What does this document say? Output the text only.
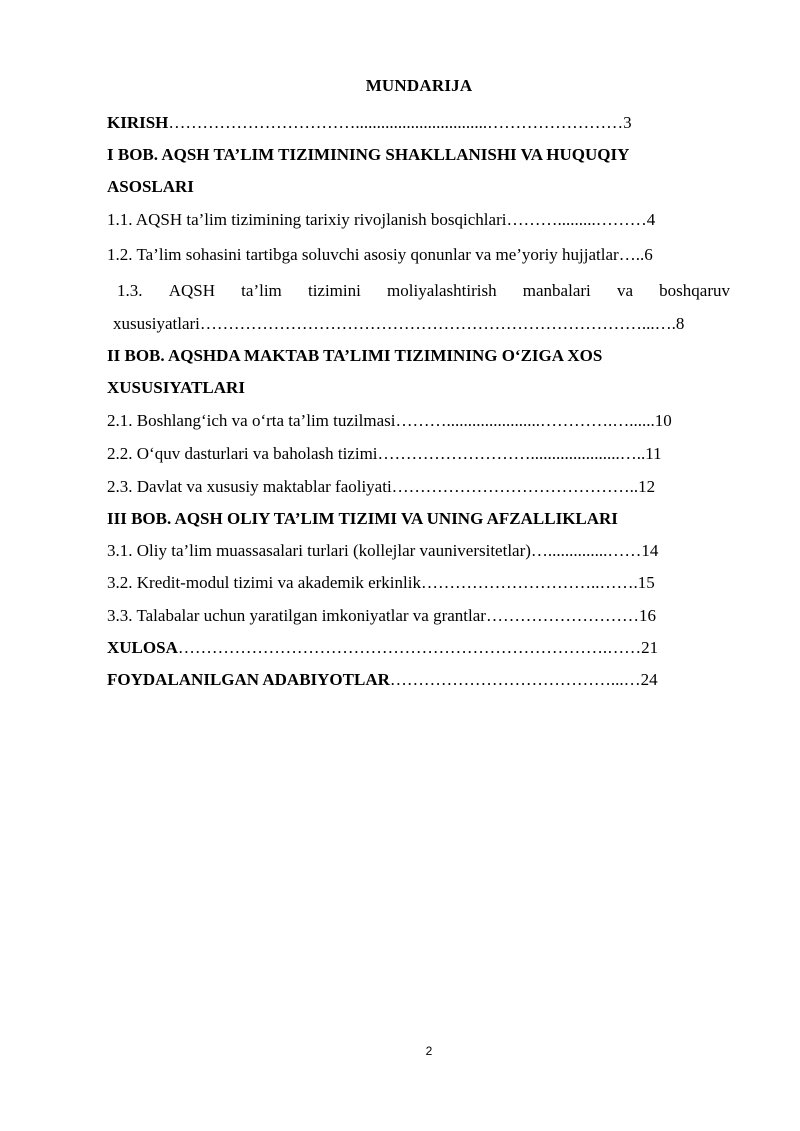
MUNDARIJA
KIRISH……………………………...............................……………………3
I BOB. AQSH TA’LIM TIZIMINING SHAKLLANISHI VA HUQUQIY
ASOSLARI
1.1. AQSH ta’lim tizimining tarixiy rivojlanish bosqichlari……….........………4
1.2. Ta’lim sohasini tartibga soluvchi asosiy qonunlar va me’yoriy hujjatlar…..6
1.3. AQSH ta’lim tizimini moliyalashtirish manbalari va boshqaruv
xususiyatlari……………………………………………………………………...….8
II BOB. AQSHDA MAKTAB TA’LIMI TIZIMINING O‘ZIGA XOS
XUSUSIYATLARI
2.1. Boshlang‘ich va o‘rta ta’lim tuzilmasi………......................………….…......10
2.2. O‘quv dasturlari va baholash tizimi……………………….....................…..11
2.3. Davlat va xususiy maktablar faoliyati……………………………………..12
III BOB. AQSH OLIY TA’LIM TIZIMI VA UNING AFZALLIKLARI
3.1. Oliy ta’lim muassasalari turlari (kollejlar vauniversitetlar)…..............……14
3.2. Kredit-modul tizimi va akademik erkinlik…………………………..…….15
3.3. Talabalar uchun yaratilgan imkoniyatlar va grantlar………………………16
XULOSA………………………………………………………………….……21
FOYDALANILGAN ADABIYOTLAR…………………………………...…24
2
